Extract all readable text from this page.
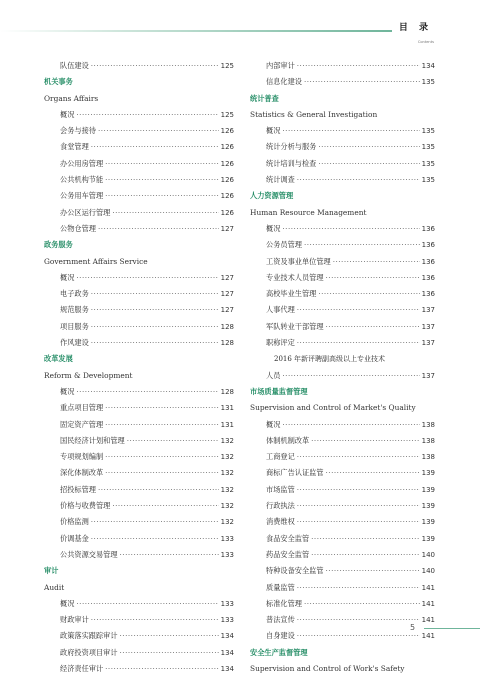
目 录
Contents
队伍建设 ·····	125
机关事务
Organs Affairs
概况 ·····	125
会务与接待 ·····	126
食堂管理 ·····	126
办公用房管理 ·····	126
公共机构节能 ·····	126
公务用车管理 ·····	126
办公区运行管理 ·····	126
公物仓管理 ·····	127
政务服务
Government Affairs Service
概况 ·····	127
电子政务 ·····	127
规范服务 ·····	127
项目服务 ·····	128
作风建设 ·····	128
改革发展
Reform & Development
概况 ·····	128
重点项目管理 ·····	131
固定资产管理 ·····	131
国民经济计划和管理 ·····	132
专项规划编制 ·····	132
深化体制改革 ·····	132
招投标管理 ·····	132
价格与收费管理 ·····	132
价格监测 ·····	132
价调基金 ·····	133
公共资源交易管理 ·····	133
审计
Audit
概况 ·····	133
财政审计 ·····	133
政策落实跟踪审计 ·····	134
政府投资项目审计 ·····	134
经济责任审计 ·····	134
内部审计 ·····	134
信息化建设 ·····	135
统计普查
Statistics & General Investigation
概况 ·····	135
统计分析与服务 ·····	135
统计培训与检查 ·····	135
统计调查 ·····	135
人力资源管理
Human Resource Management
概况 ·····	136
公务员管理 ·····	136
工资及事业单位管理 ·····	136
专业技术人员管理 ·····	136
高校毕业生管理 ·····	136
人事代理 ·····	137
军队转业干部管理 ·····	137
职称评定 ·····	137
2016 年新评聘副高级以上专业技术
人员 ·····	137
市场质量监督管理
Supervision and Control of Market's Quality
概况 ·····	138
体制机制改革 ·····	138
工商登记 ·····	138
商标广告认证监管 ·····	139
市场监管 ·····	139
行政执法 ·····	139
消费维权 ·····	139
食品安全监管 ·····	139
药品安全监管 ·····	140
特种设备安全监管 ·····	140
质量监管 ·····	141
标准化管理 ·····	141
普法宣传 ·····	141
自身建设 ·····	141
安全生产监督管理
Supervision and Control of Work's Safety
5
